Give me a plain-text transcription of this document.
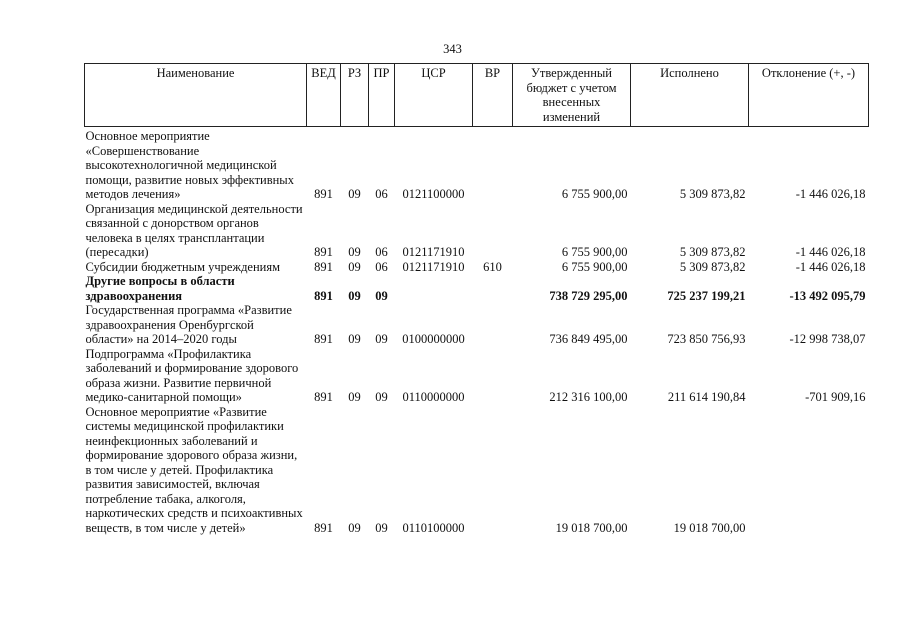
343
Наименование	ВЕД	РЗ	ПР	ЦСР	ВР	Утвержденный бюджет с учетом внесенных изменений	Исполнено	Отклонение (+, -)
Основное мероприятие «Совершенствование высокотехнологичной медицинской помощи, развитие новых эффективных методов лечения»	891	09	06	0121100000		6 755 900,00	5 309 873,82	-1 446 026,18
Организация медицинской деятельности связанной с донорством органов человека в целях трансплантации (пересадки)	891	09	06	0121171910		6 755 900,00	5 309 873,82	-1 446 026,18
Субсидии бюджетным учреждениям	891	09	06	0121171910	610	6 755 900,00	5 309 873,82	-1 446 026,18
Другие вопросы в области здравоохранения	891	09	09			738 729 295,00	725 237 199,21	-13 492 095,79
Государственная программа «Развитие здравоохранения Оренбургской области» на 2014–2020 годы	891	09	09	0100000000		736 849 495,00	723 850 756,93	-12 998 738,07
Подпрограмма «Профилактика заболеваний и формирование здорового образа жизни. Развитие первичной медико-санитарной помощи»	891	09	09	0110000000		212 316 100,00	211 614 190,84	-701 909,16
Основное мероприятие «Развитие системы медицинской профилактики неинфекционных заболеваний и формирование здорового образа жизни, в том числе у детей. Профилактика развития зависимостей, включая потребление табака, алкоголя, наркотических средств и психоактивных веществ, в том числе у детей»	891	09	09	0110100000		19 018 700,00	19 018 700,00	
